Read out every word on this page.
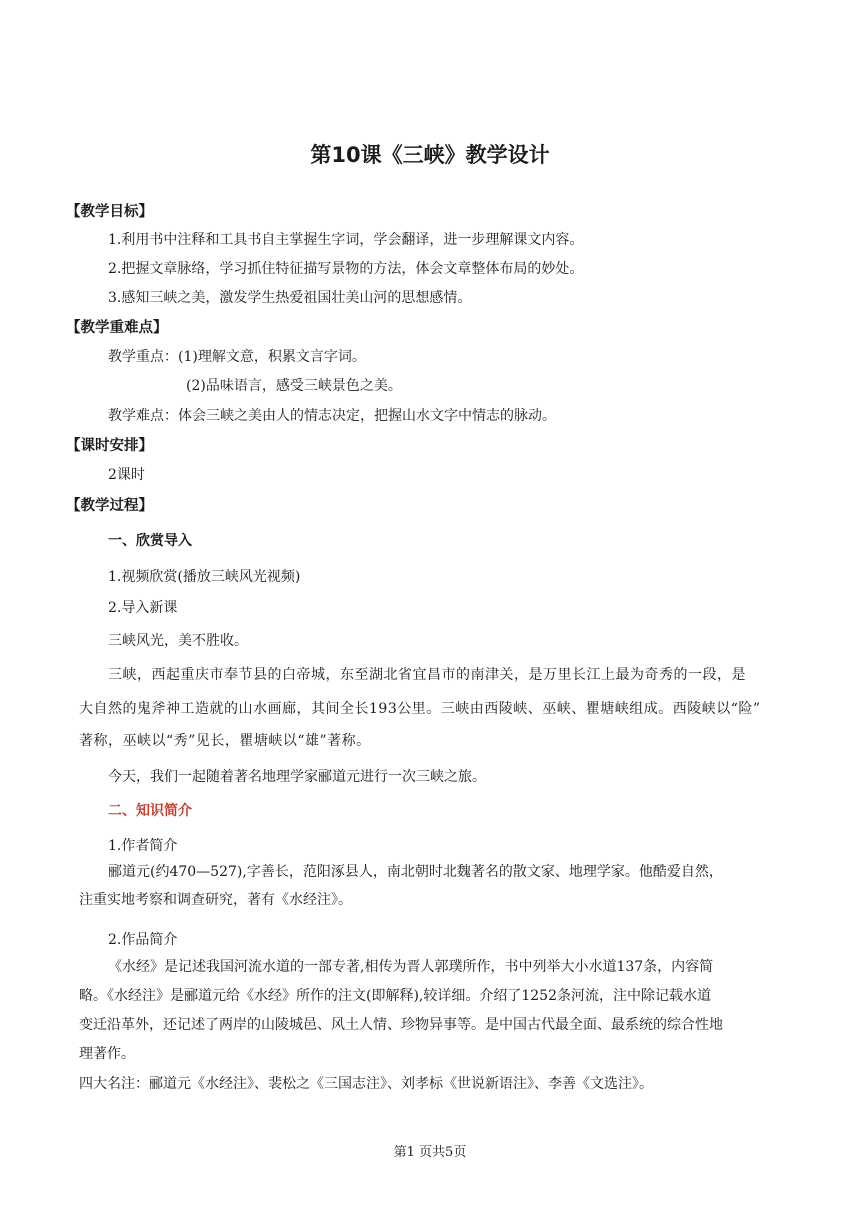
第10课《三峡》教学设计
【教学目标】
1.利用书中注释和工具书自主掌握生字词，学会翻译，进一步理解课文内容。
2.把握文章脉络，学习抓住特征描写景物的方法，体会文章整体布局的妙处。
3.感知三峡之美，激发学生热爱祖国壮美山河的思想感情。
【教学重难点】
教学重点：(1)理解文意，积累文言字词。
(2)品味语言，感受三峡景色之美。
教学难点：体会三峡之美由人的情志决定，把握山水文字中情志的脉动。
【课时安排】
2课时
【教学过程】
一、欣赏导入
1.视频欣赏(播放三峡风光视频)
2.导入新课
三峡风光，美不胜收。
三峡，西起重庆市奉节县的白帝城，东至湖北省宜昌市的南津关，是万里长江上最为奇秀的一段，是
大自然的鬼斧神工造就的山水画廊，其间全长193公里。三峡由西陵峡、巫峡、瞿塘峡组成。西陵峡以“险”
著称，巫峡以“秀”见长，瞿塘峡以“雄”著称。
今天，我们一起随着著名地理学家郦道元进行一次三峡之旅。
二、知识简介
1.作者简介
郦道元(约470—527),字善长，范阳涿县人，南北朝时北魏著名的散文家、地理学家。他酷爱自然，
注重实地考察和调查研究，著有《水经注》。
2.作品简介
《水经》是记述我国河流水道的一部专著,相传为晋人郭璞所作，书中列举大小水道137条，内容简
略。《水经注》是郦道元给《水经》所作的注文(即解释),较详细。介绍了1252条河流，注中除记载水道
变迁沿革外，还记述了两岸的山陵城邑、风土人情、珍物异事等。是中国古代最全面、最系统的综合性地
理著作。
四大名注：郦道元《水经注》、裴松之《三国志注》、刘孝标《世说新语注》、李善《文选注》。
第1 页共5页
